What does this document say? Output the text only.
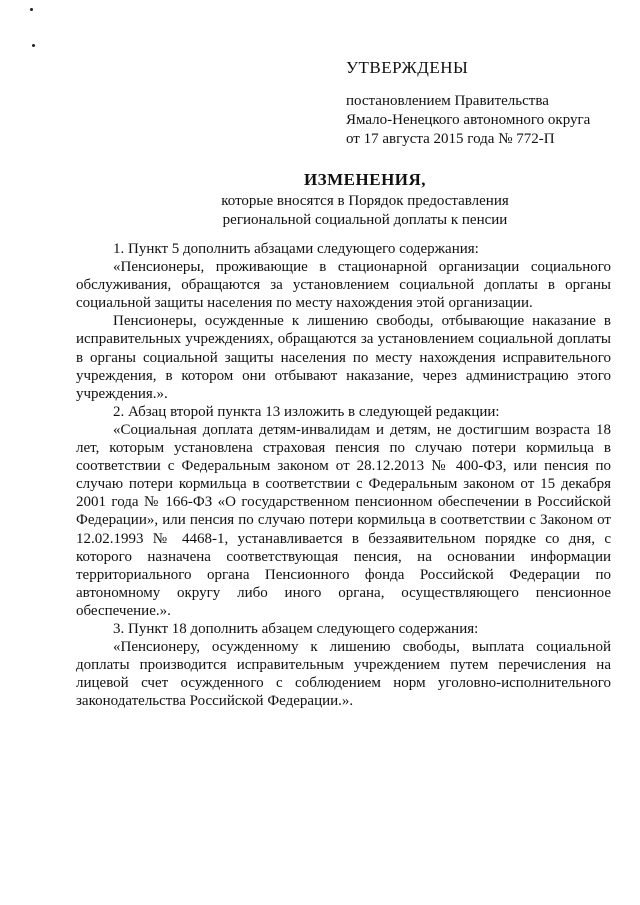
УТВЕРЖДЕНЫ
постановлением Правительства
Ямало-Ненецкого автономного округа
от 17 августа 2015 года № 772-П
ИЗМЕНЕНИЯ,
которые вносятся в Порядок предоставления
региональной социальной доплаты к пенсии

1. Пункт 5 дополнить абзацами следующего содержания:

«Пенсионеры, проживающие в стационарной организации социального обслуживания, обращаются за установлением социальной доплаты в органы социальной защиты населения по месту нахождения этой организации.

Пенсионеры, осужденные к лишению свободы, отбывающие наказание в исправительных учреждениях, обращаются за установлением социальной доплаты в органы социальной защиты населения по месту нахождения исправительного учреждения, в котором они отбывают наказание, через администрацию этого учреждения.».

2. Абзац второй пункта 13 изложить в следующей редакции:

«Социальная доплата детям-инвалидам и детям, не достигшим возраста 18 лет, которым установлена страховая пенсия по случаю потери кормильца в соответствии с Федеральным законом от 28.12.2013 № 400-ФЗ, или пенсия по случаю потери кормильца в соответствии с Федеральным законом от 15 декабря 2001 года № 166-ФЗ «О государственном пенсионном обеспечении в Российской Федерации», или пенсия по случаю потери кормильца в соответствии с Законом от 12.02.1993 № 4468-1, устанавливается в беззаявительном порядке со дня, с которого назначена соответствующая пенсия, на основании информации территориального органа Пенсионного фонда Российской Федерации по автономному округу либо иного органа, осуществляющего пенсионное обеспечение.».

3. Пункт 18 дополнить абзацем следующего содержания:

«Пенсионеру, осужденному к лишению свободы, выплата социальной доплаты производится исправительным учреждением путем перечисления на лицевой счет осужденного с соблюдением норм уголовно-исполнительного законодательства Российской Федерации.».
